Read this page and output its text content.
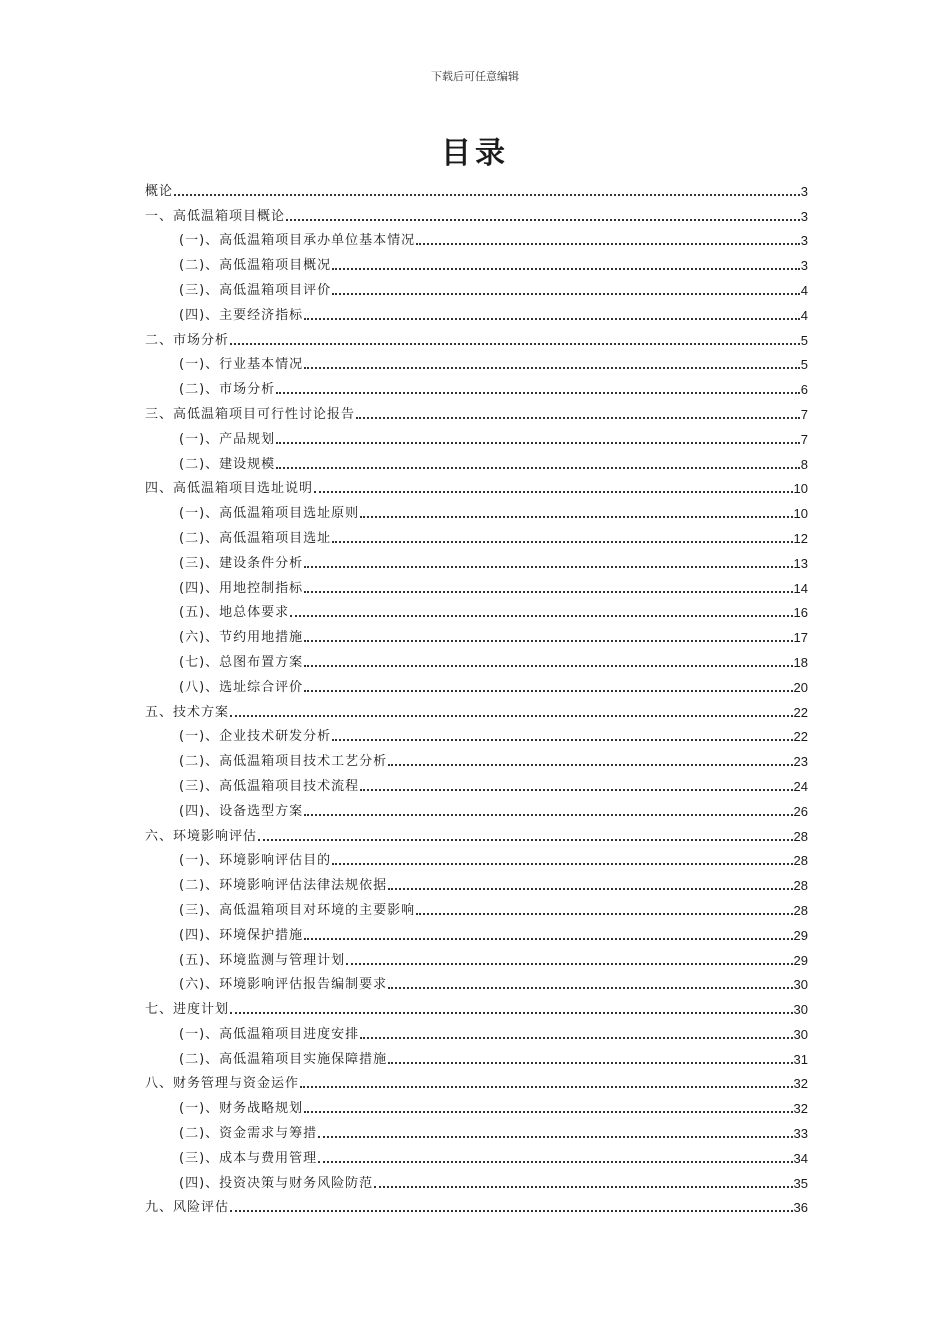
下载后可任意编辑
目录
概论	3
一、高低温箱项目概论	3
(一)、高低温箱项目承办单位基本情况	3
(二)、高低温箱项目概况	3
(三)、高低温箱项目评价	4
(四)、主要经济指标	4
二、市场分析	5
(一)、行业基本情况	5
(二)、市场分析	6
三、高低温箱项目可行性讨论报告	7
(一)、产品规划	7
(二)、建设规模	8
四、高低温箱项目选址说明	10
(一)、高低温箱项目选址原则	10
(二)、高低温箱项目选址	12
(三)、建设条件分析	13
(四)、用地控制指标	14
(五)、地总体要求	16
(六)、节约用地措施	17
(七)、总图布置方案	18
(八)、选址综合评价	20
五、技术方案	22
(一)、企业技术研发分析	22
(二)、高低温箱项目技术工艺分析	23
(三)、高低温箱项目技术流程	24
(四)、设备选型方案	26
六、环境影响评估	28
(一)、环境影响评估目的	28
(二)、环境影响评估法律法规依据	28
(三)、高低温箱项目对环境的主要影响	28
(四)、环境保护措施	29
(五)、环境监测与管理计划	29
(六)、环境影响评估报告编制要求	30
七、进度计划	30
(一)、高低温箱项目进度安排	30
(二)、高低温箱项目实施保障措施	31
八、财务管理与资金运作	32
(一)、财务战略规划	32
(二)、资金需求与筹措	33
(三)、成本与费用管理	34
(四)、投资决策与财务风险防范	35
九、风险评估	36
